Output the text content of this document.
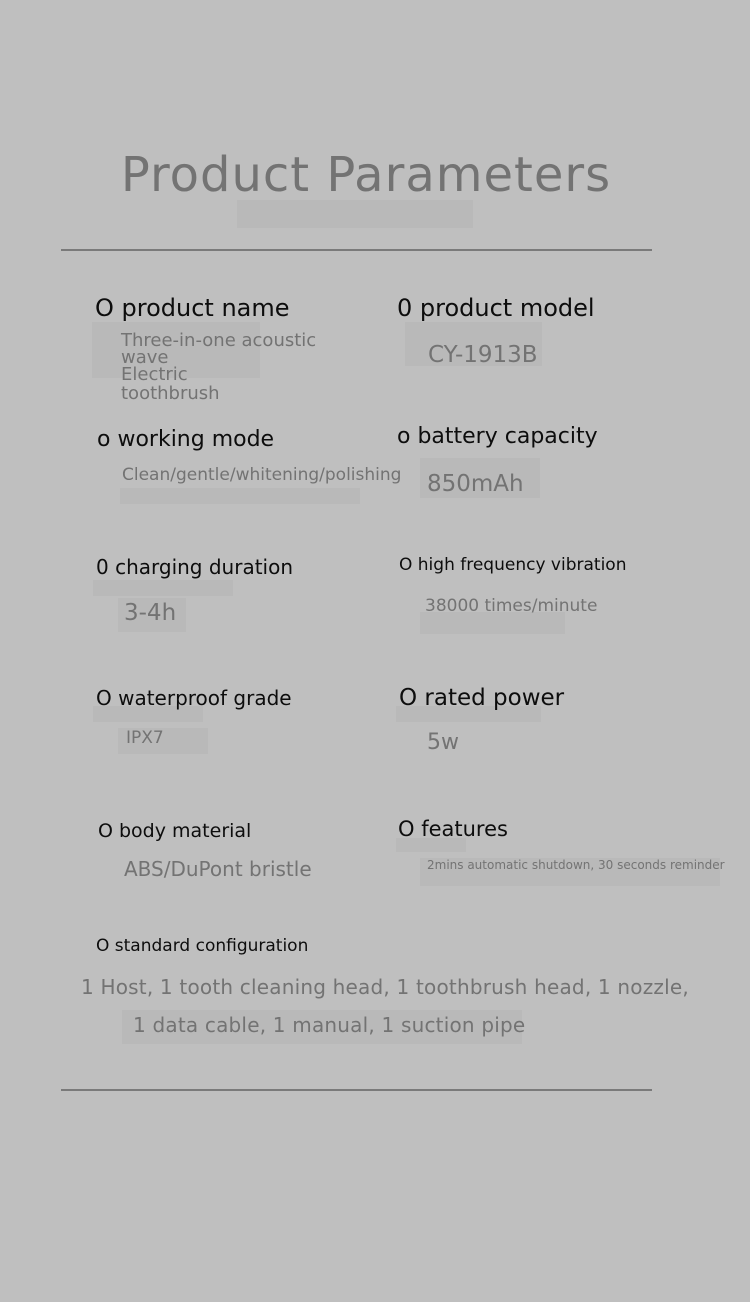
Product Parameters
O product name
Three-in-one acoustic
wave
Electric
toothbrush
0 product model
CY-1913B
o working mode
Clean/gentle/whitening/polishing
o battery capacity
850mAh
0 charging duration
3-4h
O high frequency vibration
38000 times/minute
O waterproof grade
IPX7
O rated power
5w
O body material
ABS/DuPont bristle
O features
2mins automatic shutdown, 30 seconds reminder
O standard configuration
1 Host, 1 tooth cleaning head, 1 toothbrush head, 1 nozzle,
1 data cable, 1 manual, 1 suction pipe
